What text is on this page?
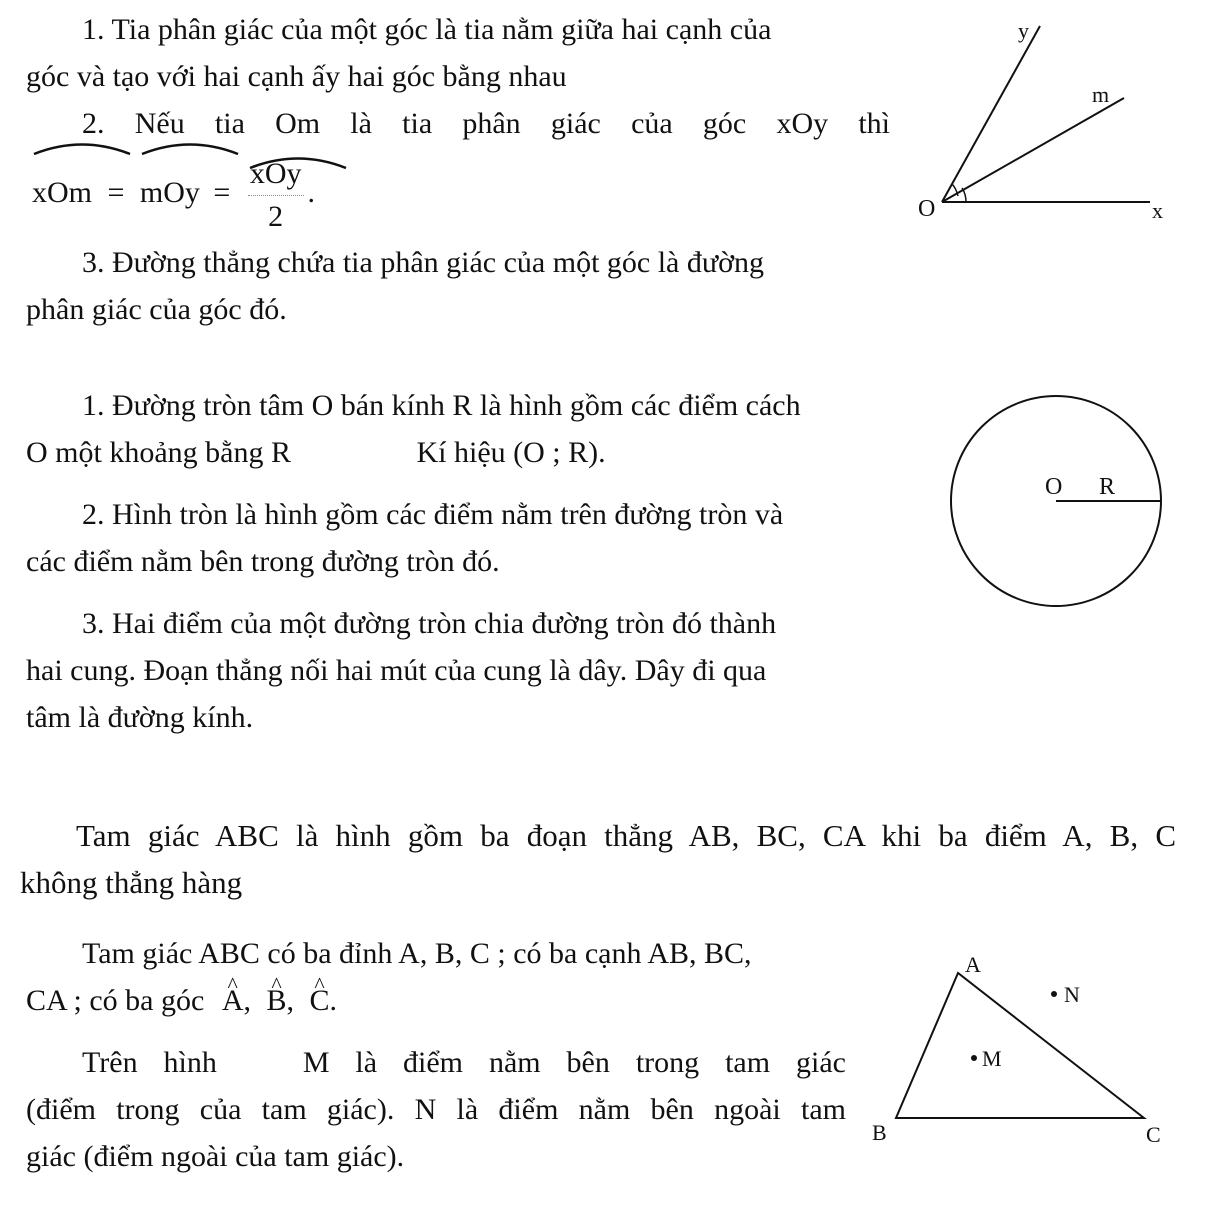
1. Tia phân giác của một góc là tia nằm giữa hai cạnh của
góc và tạo với hai cạnh ấy hai góc bằng nhau
2. Nếu tia Om là tia phân giác của góc xOy thì
xOm = mOy = $\frac{\text{xOy}}{2}$ .
3. Đường thẳng chứa tia phân giác của một góc là đường
phân giác của góc đó.
y
m
O	x
1. Đường tròn tâm O bán kính R là hình gồm các điểm cách
O một khoảng bằng R	Kí hiệu (O ; R).
2. Hình tròn là hình gồm các điểm nằm trên đường tròn và
các điểm nằm bên trong đường tròn đó.
3. Hai điểm của một đường tròn chia đường tròn đó thành
hai cung. Đoạn thẳng nối hai mút của cung là dây. Dây đi qua
tâm là đường kính.
O R
Tam giác ABC là hình gồm ba đoạn thẳng AB, BC, CA khi ba điểm A, B, C
không thẳng hàng
Tam giác ABC có ba đỉnh A, B, C ; có ba cạnh AB, BC,
CA ; có ba góc ^ A, ^ B, ^ C.
Trên hình	M là điểm nằm bên trong tam giác
(điểm trong của tam giác). N là điểm nằm bên ngoài tam
giác (điểm ngoài của tam giác).
A
B	C
M
N
